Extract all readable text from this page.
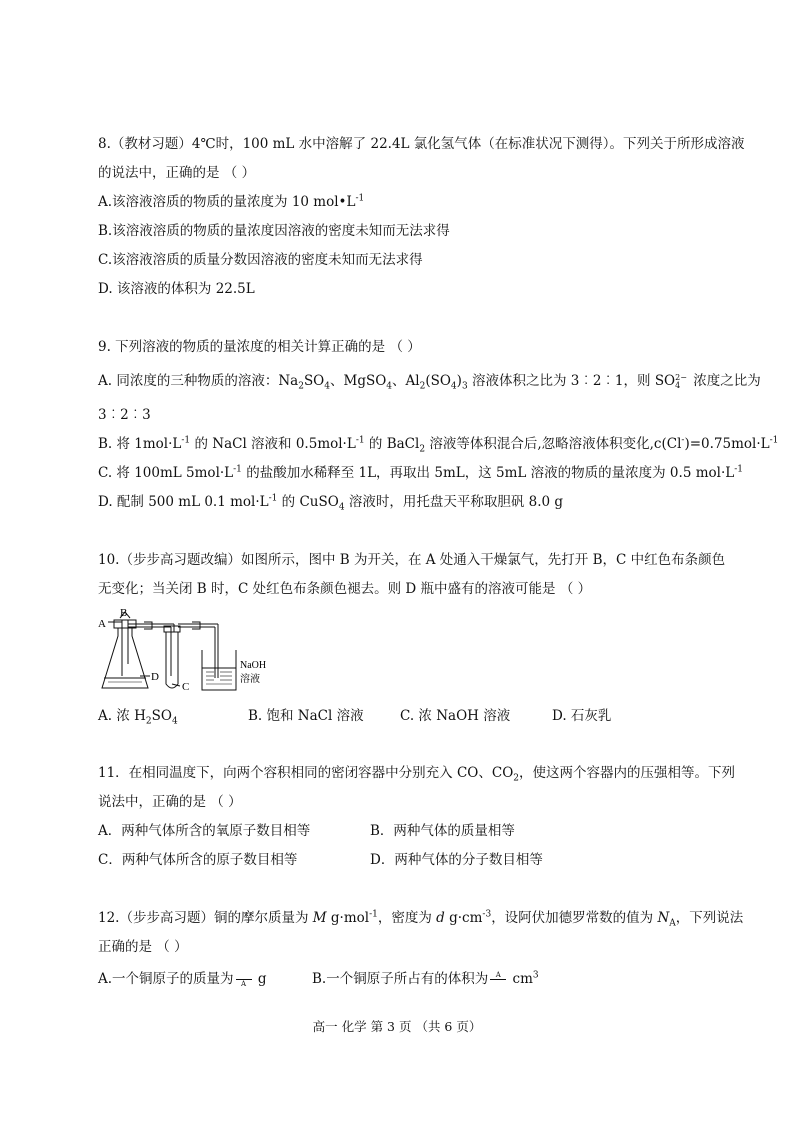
8.（教材习题）4℃时，100 mL 水中溶解了 22.4L 氯化氢气体（在标准状况下测得）。下列关于所形成溶液
的说法中，正确的是 （ ）
A.该溶液溶质的物质的量浓度为 10 $mol•L^{-1}$
B.该溶液溶质的物质的量浓度因溶液的密度未知而无法求得
C.该溶液溶质的质量分数因溶液的密度未知而无法求得
D. 该溶液的体积为 22.5L
9. 下列溶液的物质的量浓度的相关计算正确的是 （ ）
A. 同浓度的三种物质的溶液：$Na_2SO_4$、MgSO$_4$、$Al_2(SO_4)_3$ 溶液体积之比为 3︰2︰1，则 SO 2−
4 浓度之比为
3︰2︰3
B. 将 $1mol\cdot L^{-1}$ 的 NaCl 溶液和 $0.5mol\cdot L^{-1}$ 的 BaCl$_2$ 溶液等体积混合后,忽略溶液体积变化$,c(Cl^-)=0.75mol\cdot L^{-1}$
C. 将 100mL $5mol\cdot L^{-1}$ 的盐酸加水稀释至 1L，再取出 5mL，这 5mL 溶液的物质的量浓度为 0.5 $mol\cdot L^{-1}$
D. 配制 500 mL 0.1 $mol\cdot L^{-1}$ 的 CuSO$_4$ 溶液时，用托盘天平称取胆矾 8.0 g
10.（步步高习题改编）如图所示，图中 B 为开关，在 A 处通入干燥氯气，先打开 B，C 中红色布条颜色
无变化；当关闭 B 时，C 处红色布条颜色褪去。则 D 瓶中盛有的溶液可能是 （ ）
A
B
D
C
NaOH
溶液
A. 浓 $H_2SO_4$	B. 饱和 NaCl 溶液	C. 浓 NaOH 溶液	D. 石灰乳
11．在相同温度下，向两个容积相同的密闭容器中分别充入 CO、$CO_2$，使这两个容器内的压强相等。下列
说法中，正确的是 （ ）
A．两种气体所含的氧原子数目相等	B．两种气体的质量相等
C．两种气体所含的原子数目相等	D．两种气体的分子数目相等
12.（步步高习题）铜的摩尔质量为 M g·mol$^{-1}$，密度为 d $g\cdot cm^{-3}$，设阿伏加德罗常数的值为 $N_A$，下列说法
正确的是 （ ）
A.一个铜原子的质量为	A g	B.一个铜原子所占有的体积为	A $cm^3$
高一 化学 第 3 页 （共 6 页）
